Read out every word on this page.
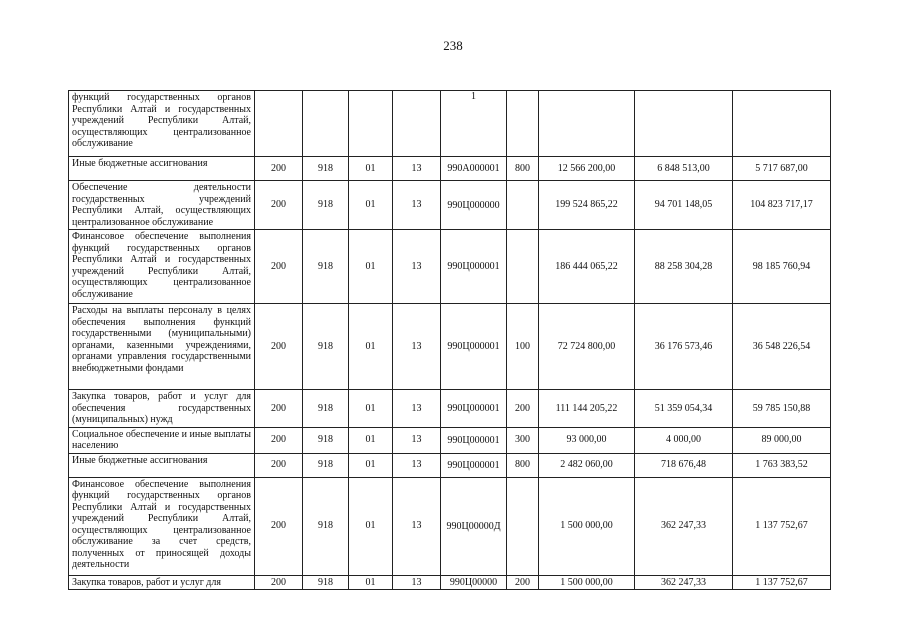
238
функций государственных органов Республики Алтай и государственных учреждений Республики Алтай, осуществляющих централизованное обслуживание					1				
Иные бюджетные ассигнования	200	918	01	13	990А000001	800	12 566 200,00	6 848 513,00	5 717 687,00
Обеспечение деятельности государственных учреждений Республики Алтай, осуществляющих централизованное обслуживание	200	918	01	13	990Ц000000		199 524 865,22	94 701 148,05	104 823 717,17
Финансовое обеспечение выполнения функций государственных органов Республики Алтай и государственных учреждений Республики Алтай, осуществляющих централизованное обслуживание	200	918	01	13	990Ц000001		186 444 065,22	88 258 304,28	98 185 760,94
Расходы на выплаты персоналу в целях обеспечения выполнения функций государственными (муниципальными) органами, казенными учреждениями, органами управления государственными внебюджетными фондами	200	918	01	13	990Ц000001	100	72 724 800,00	36 176 573,46	36 548 226,54
Закупка товаров, работ и услуг для обеспечения государственных (муниципальных) нужд	200	918	01	13	990Ц000001	200	111 144 205,22	51 359 054,34	59 785 150,88
Социальное обеспечение и иные выплаты населению	200	918	01	13	990Ц000001	300	93 000,00	4 000,00	89 000,00
Иные бюджетные ассигнования	200	918	01	13	990Ц000001	800	2 482 060,00	718 676,48	1 763 383,52
Финансовое обеспечение выполнения функций государственных органов Республики Алтай и государственных учреждений Республики Алтай, осуществляющих централизованное обслуживание за счет средств, полученных от приносящей доходы деятельности	200	918	01	13	990Ц00000Д		1 500 000,00	362 247,33	1 137 752,67
Закупка товаров, работ и услуг для	200	918	01	13	990Ц00000	200	1 500 000,00	362 247,33	1 137 752,67
